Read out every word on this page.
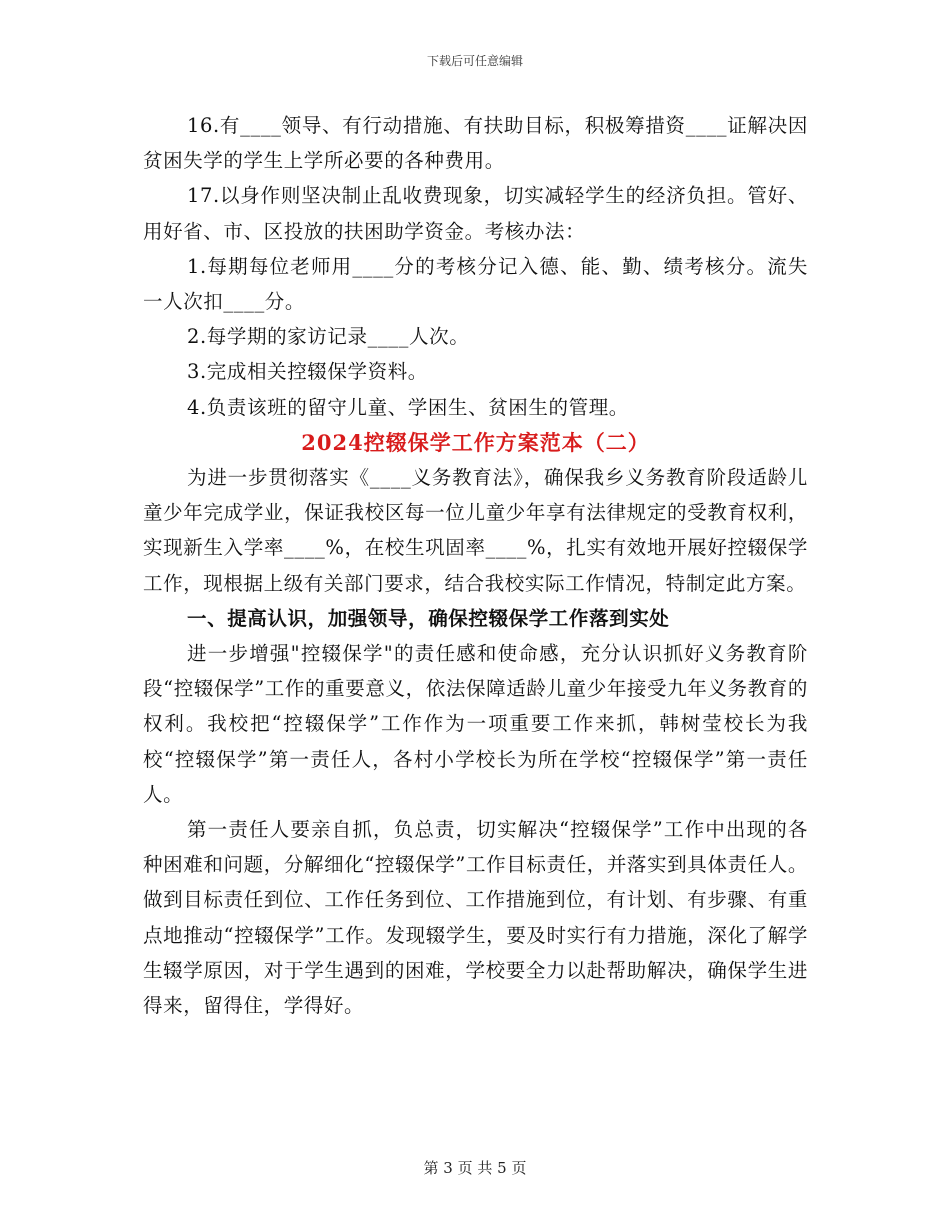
下载后可任意编辑

16.有____领导、有行动措施、有扶助目标，积极筹措资____证解决因贫困失学的学生上学所必要的各种费用。

17.以身作则坚决制止乱收费现象，切实减轻学生的经济负担。管好、用好省、市、区投放的扶困助学资金。考核办法：

1.每期每位老师用____分的考核分记入德、能、勤、绩考核分。流失一人次扣____分。

2.每学期的家访记录____人次。

3.完成相关控辍保学资料。

4.负责该班的留守儿童、学困生、贫困生的管理。

2024控辍保学工作方案范本（二）

为进一步贯彻落实《____义务教育法》，确保我乡义务教育阶段适龄儿童少年完成学业，保证我校区每一位儿童少年享有法律规定的受教育权利，实现新生入学率____%，在校生巩固率____%，扎实有效地开展好控辍保学工作，现根据上级有关部门要求，结合我校实际工作情况，特制定此方案。

一、提高认识，加强领导，确保控辍保学工作落到实处

进一步增强"控辍保学"的责任感和使命感，充分认识抓好义务教育阶段“控辍保学”工作的重要意义，依法保障适龄儿童少年接受九年义务教育的权利。我校把“控辍保学”工作作为一项重要工作来抓，韩树莹校长为我校“控辍保学”第一责任人，各村小学校长为所在学校“控辍保学”第一责任人。

第一责任人要亲自抓，负总责，切实解决“控辍保学”工作中出现的各种困难和问题，分解细化“控辍保学”工作目标责任，并落实到具体责任人。做到目标责任到位、工作任务到位、工作措施到位，有计划、有步骤、有重点地推动“控辍保学”工作。发现辍学生，要及时实行有力措施，深化了解学生辍学原因，对于学生遇到的困难，学校要全力以赴帮助解决，确保学生进得来，留得住，学得好。

第 3 页 共 5 页
